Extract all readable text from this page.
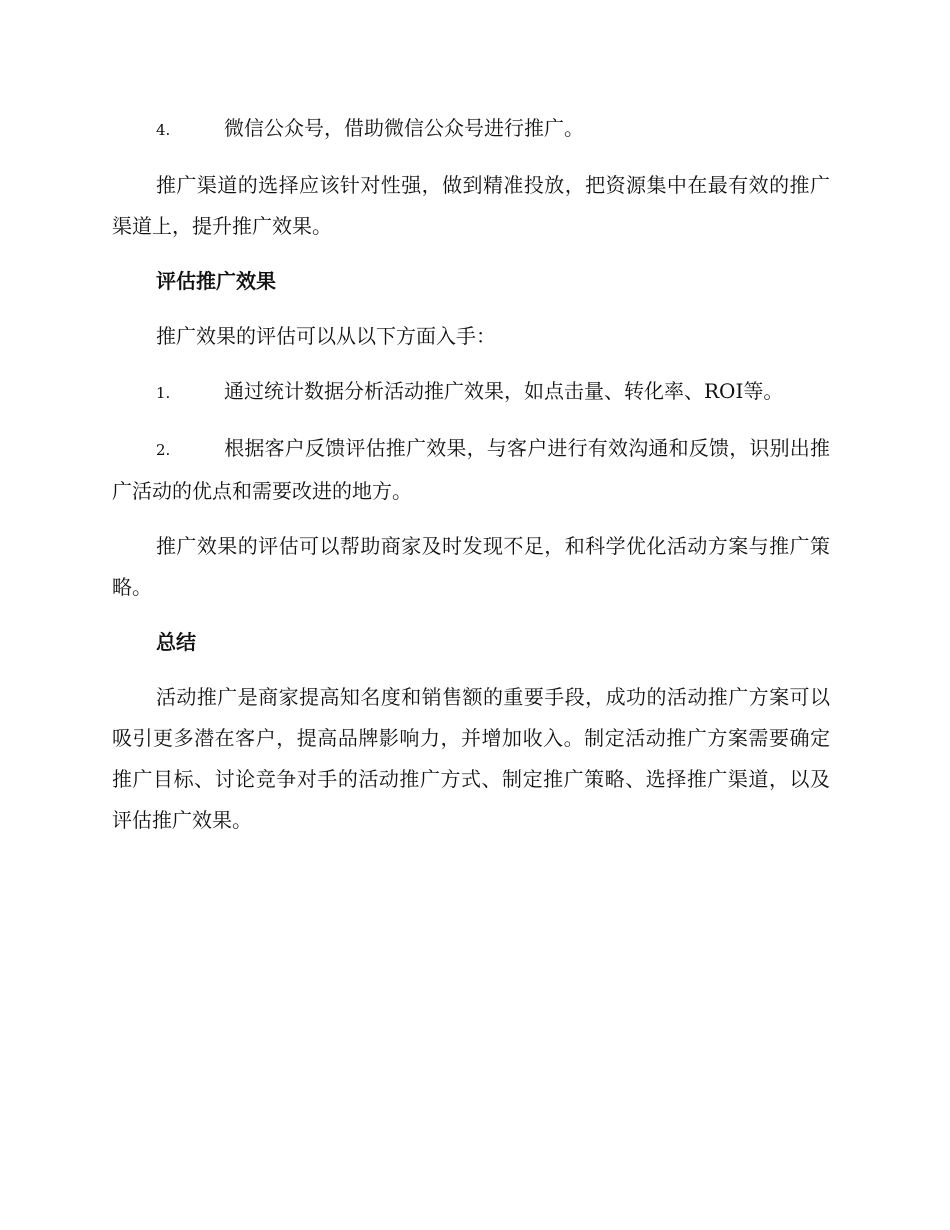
4.	微信公众号，借助微信公众号进行推广。

推广渠道的选择应该针对性强，做到精准投放，把资源集中在最有效的推广渠道上，提升推广效果。

评估推广效果

推广效果的评估可以从以下方面入手：

1.	通过统计数据分析活动推广效果，如点击量、转化率、ROI等。

2.	根据客户反馈评估推广效果，与客户进行有效沟通和反馈，识别出推广活动的优点和需要改进的地方。

推广效果的评估可以帮助商家及时发现不足，和科学优化活动方案与推广策略。

总结

活动推广是商家提高知名度和销售额的重要手段，成功的活动推广方案可以吸引更多潜在客户，提高品牌影响力，并增加收入。制定活动推广方案需要确定推广目标、讨论竞争对手的活动推广方式、制定推广策略、选择推广渠道，以及评估推广效果。
